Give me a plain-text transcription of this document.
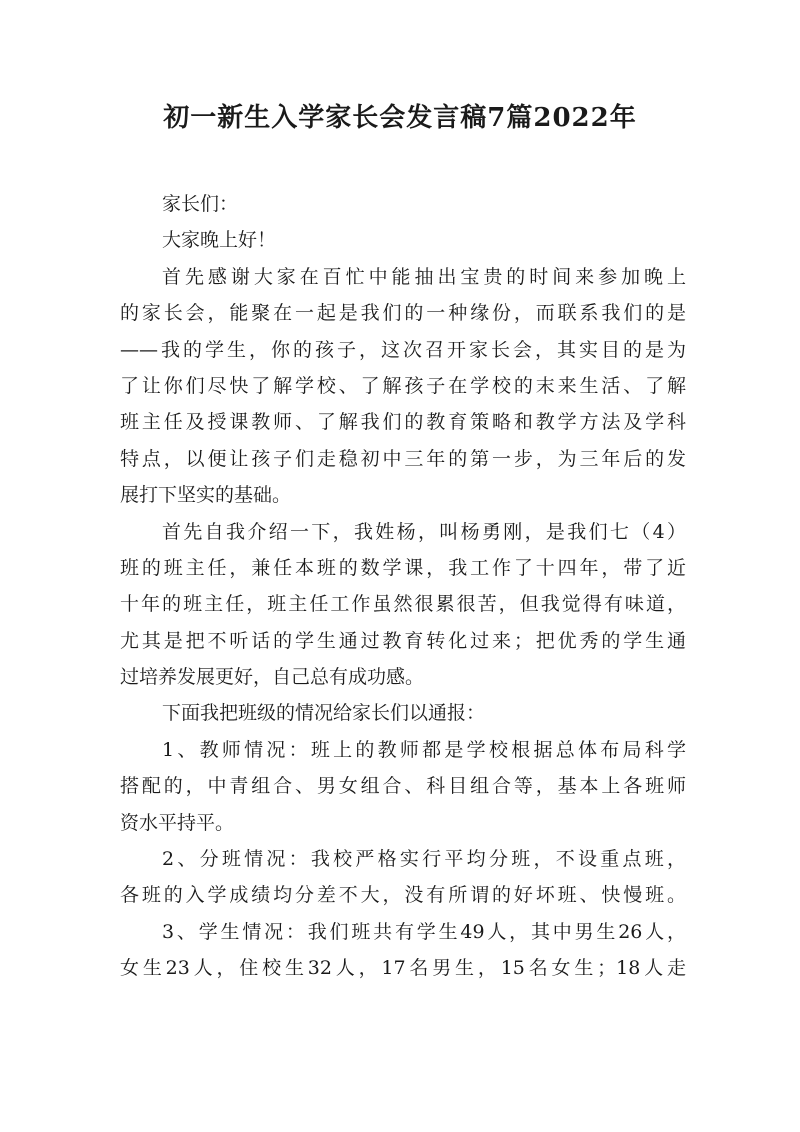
初一新生入学家长会发言稿7篇2022年
家长们：
大家晚上好！
首先感谢大家在百忙中能抽出宝贵的时间来参加晚上
的家长会，能聚在一起是我们的一种缘份，而联系我们的是
——我的学生，你的孩子，这次召开家长会，其实目的是为
了让你们尽快了解学校、了解孩子在学校的末来生活、了解
班主任及授课教师、了解我们的教育策略和教学方法及学科
特点，以便让孩子们走稳初中三年的第一步，为三年后的发
展打下坚实的基础。
首先自我介绍一下，我姓杨，叫杨勇刚，是我们七（4）
班的班主任，兼任本班的数学课，我工作了十四年，带了近
十年的班主任，班主任工作虽然很累很苦，但我觉得有味道，
尤其是把不听话的学生通过教育转化过来；把优秀的学生通
过培养发展更好，自己总有成功感。
下面我把班级的情况给家长们以通报：
1、教师情况：班上的教师都是学校根据总体布局科学
搭配的，中青组合、男女组合、科目组合等，基本上各班师
资水平持平。
2、分班情况：我校严格实行平均分班，不设重点班，
各班的入学成绩均分差不大，没有所谓的好坏班、快慢班。
3、学生情况：我们班共有学生49人，其中男生26人，
女生23人，住校生32人，17名男生，15名女生；18人走
